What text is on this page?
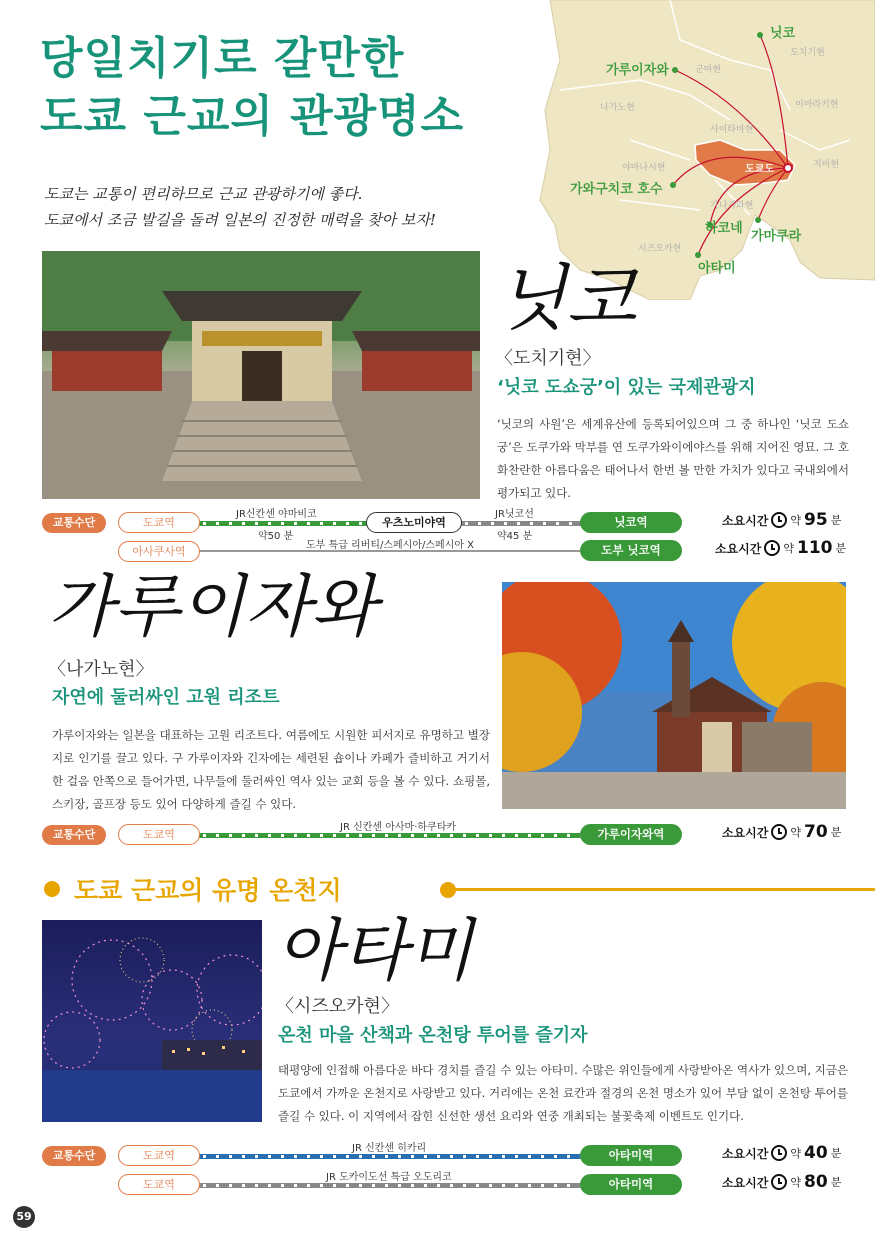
닛코
도치기현
가루이자와	군마현
이바라키현
나가노현
사이타마현
야마나시현	도쿄도	지바현
가와구치코 호수
가나가와현
하코네
가마쿠라
시즈오카현
아타미
당일치기로 갈만한
도쿄 근교의 관광명소
도쿄는 교통이 편리하므로 근교 관광하기에 좋다.
도쿄에서 조금 발길을 돌려 일본의 진정한 매력을 찾아 보자!
닛코
〈도치기현〉
‘닛코 도쇼궁’이 있는 국제관광지
‘닛코의 사원’은 세계유산에 등록되어있으며 그 중 하나인 ‘닛코 도쇼궁’은 도쿠가와 막부를 연 도쿠가와이에야스를 위해 지어진 영묘. 그 호화찬란한 아름다움은 태어나서 한번 볼 만한 가치가 있다고 국내외에서 평가되고 있다.
교통수단	도쿄역	우츠노미야역	닛코역
JR신칸센 야마비코
약50 분
JR닛코선
약45 분
소요시간 약 95 분
아사쿠사역	도부 닛코역
도부 특급 리버티/스페시아/스페시아 X	소요시간 약 110 분
가루이자와
〈나가노현〉
자연에 둘러싸인 고원 리조트
가루이자와는 일본을 대표하는 고원 리조트다. 여름에도 시원한 피서지로 유명하고 별장지로 인기를 끌고 있다. 구 가루이자와 긴자에는 세련된 숍이나 카페가 즐비하고 거기서 한 걸음 안쪽으로 들어가면, 나무들에 둘러싸인 역사 있는 교회 등을 볼 수 있다. 쇼핑몰, 스키장, 골프장 등도 있어 다양하게 즐길 수 있다.
교통수단	도쿄역	가루이자와역
JR 신칸센 아사마·하쿠타카	소요시간 약 70 분
도쿄 근교의 유명 온천지
아타미
〈시즈오카현〉
온천 마을 산책과 온천탕 투어를 즐기자
태평양에 인접해 아름다운 바다 경치를 즐길 수 있는 아타미. 수많은 위인들에게 사랑받아온 역사가 있으며, 지금은 도쿄에서 가까운 온천지로 사랑받고 있다. 거리에는 온천 료칸과 절경의 온천 명소가 있어 부담 없이 온천탕 투어를 즐길 수 있다. 이 지역에서 잡힌 신선한 생선 요리와 연중 개최되는 불꽃축제 이벤트도 인기다.
교통수단	도쿄역	아타미역
JR 신칸센 히카리	소요시간 약 40 분
도쿄역	아타미역
JR 도카이도선 특급 오도리코	소요시간 약 80 분
59
